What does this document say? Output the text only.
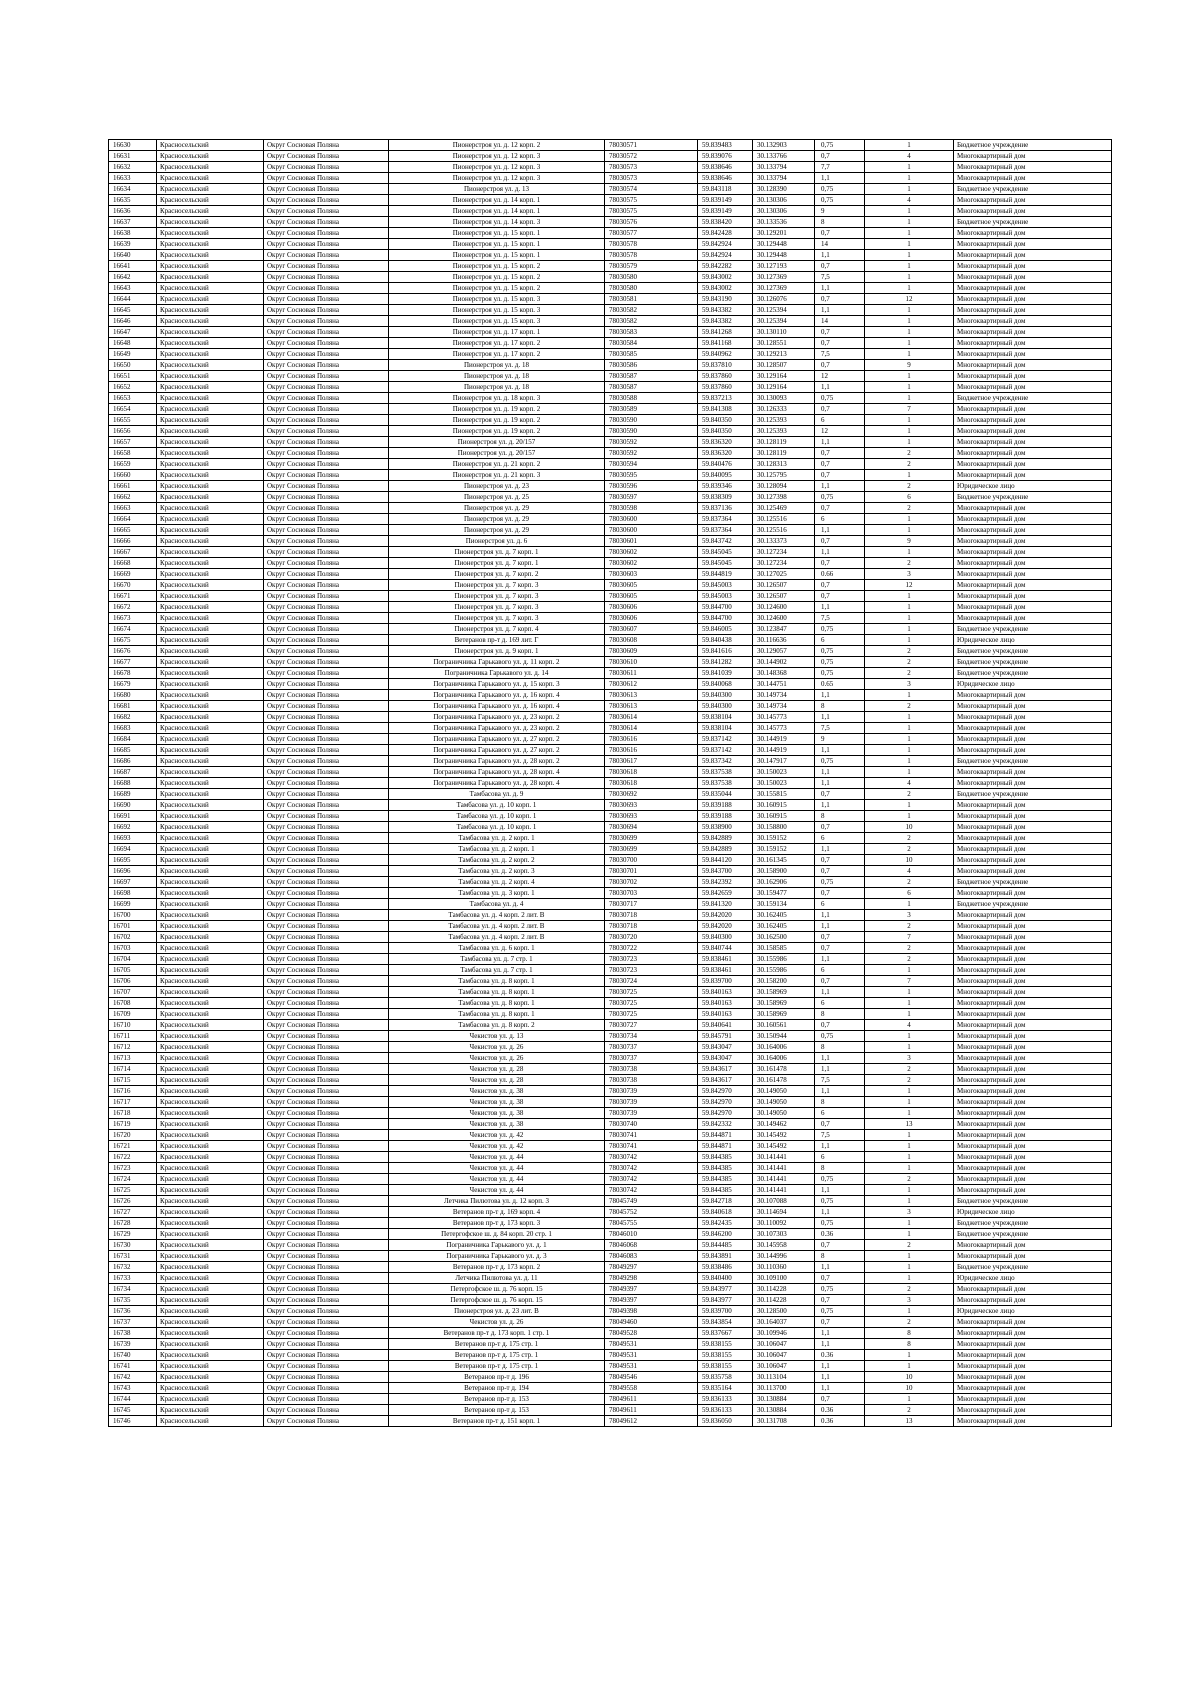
16630	Красносельский	Округ Сосновая Поляна	Пионерстроя ул. д. 12 корп. 2	78030571	59.839483	30.132903	0,75	1	Бюджетное учреждение
16631	Красносельский	Округ Сосновая Поляна	Пионерстроя ул. д. 12 корп. 3	78030572	59.839076	30.133766	0,7	4	Многоквартирный дом
16632	Красносельский	Округ Сосновая Поляна	Пионерстроя ул. д. 12 корп. 3	78030573	59.838646	30.133794	7,7	1	Многоквартирный дом
16633	Красносельский	Округ Сосновая Поляна	Пионерстроя ул. д. 12 корп. 3	78030573	59.838646	30.133794	1,1	1	Многоквартирный дом
16634	Красносельский	Округ Сосновая Поляна	Пионерстроя ул. д. 13	78030574	59.843118	30.128390	0,75	1	Бюджетное учреждение
16635	Красносельский	Округ Сосновая Поляна	Пионерстроя ул. д. 14 корп. 1	78030575	59.839149	30.130306	0,75	4	Многоквартирный дом
16636	Красносельский	Округ Сосновая Поляна	Пионерстроя ул. д. 14 корп. 1	78030575	59.839149	30.130306	9	1	Многоквартирный дом
16637	Красносельский	Округ Сосновая Поляна	Пионерстроя ул. д. 14 корп. 3	78030576	59.838420	30.133536	8	1	Бюджетное учреждение
16638	Красносельский	Округ Сосновая Поляна	Пионерстроя ул. д. 15 корп. 1	78030577	59.842428	30.129201	0,7	1	Многоквартирный дом
16639	Красносельский	Округ Сосновая Поляна	Пионерстроя ул. д. 15 корп. 1	78030578	59.842924	30.129448	14	1	Многоквартирный дом
16640	Красносельский	Округ Сосновая Поляна	Пионерстроя ул. д. 15 корп. 1	78030578	59.842924	30.129448	1,1	1	Многоквартирный дом
16641	Красносельский	Округ Сосновая Поляна	Пионерстроя ул. д. 15 корп. 2	78030579	59.842282	30.127193	0,7	1	Многоквартирный дом
16642	Красносельский	Округ Сосновая Поляна	Пионерстроя ул. д. 15 корп. 2	78030580	59.843002	30.127369	7,5	1	Многоквартирный дом
16643	Красносельский	Округ Сосновая Поляна	Пионерстроя ул. д. 15 корп. 2	78030580	59.843002	30.127369	1,1	1	Многоквартирный дом
16644	Красносельский	Округ Сосновая Поляна	Пионерстроя ул. д. 15 корп. 3	78030581	59.843190	30.126076	0,7	12	Многоквартирный дом
16645	Красносельский	Округ Сосновая Поляна	Пионерстроя ул. д. 15 корп. 3	78030582	59.843382	30.125394	1,1	1	Многоквартирный дом
16646	Красносельский	Округ Сосновая Поляна	Пионерстроя ул. д. 15 корп. 3	78030582	59.843382	30.125394	14	1	Многоквартирный дом
16647	Красносельский	Округ Сосновая Поляна	Пионерстроя ул. д. 17 корп. 1	78030583	59.841268	30.130110	0,7	1	Многоквартирный дом
16648	Красносельский	Округ Сосновая Поляна	Пионерстроя ул. д. 17 корп. 2	78030584	59.841168	30.128551	0,7	1	Многоквартирный дом
16649	Красносельский	Округ Сосновая Поляна	Пионерстроя ул. д. 17 корп. 2	78030585	59.840962	30.129213	7,5	1	Многоквартирный дом
16650	Красносельский	Округ Сосновая Поляна	Пионерстроя ул. д. 18	78030586	59.837810	30.128507	0,7	9	Многоквартирный дом
16651	Красносельский	Округ Сосновая Поляна	Пионерстроя ул. д. 18	78030587	59.837860	30.129164	12	1	Многоквартирный дом
16652	Красносельский	Округ Сосновая Поляна	Пионерстроя ул. д. 18	78030587	59.837860	30.129164	1,1	1	Многоквартирный дом
16653	Красносельский	Округ Сосновая Поляна	Пионерстроя ул. д. 18 корп. 3	78030588	59.837213	30.130093	0,75	1	Бюджетное учреждение
16654	Красносельский	Округ Сосновая Поляна	Пионерстроя ул. д. 19 корп. 2	78030589	59.841308	30.126333	0,7	7	Многоквартирный дом
16655	Красносельский	Округ Сосновая Поляна	Пионерстроя ул. д. 19 корп. 2	78030590	59.840350	30.125393	6	1	Многоквартирный дом
16656	Красносельский	Округ Сосновая Поляна	Пионерстроя ул. д. 19 корп. 2	78030590	59.840350	30.125393	12	1	Многоквартирный дом
16657	Красносельский	Округ Сосновая Поляна	Пионерстроя ул. д. 20/157	78030592	59.836320	30.128119	1,1	1	Многоквартирный дом
16658	Красносельский	Округ Сосновая Поляна	Пионерстроя ул. д. 20/157	78030592	59.836320	30.128119	0,7	2	Многоквартирный дом
16659	Красносельский	Округ Сосновая Поляна	Пионерстроя ул. д. 21 корп. 2	78030594	59.840476	30.128313	0,7	2	Многоквартирный дом
16660	Красносельский	Округ Сосновая Поляна	Пионерстроя ул. д. 21 корп. 3	78030595	59.840095	30.125795	0,7	1	Многоквартирный дом
16661	Красносельский	Округ Сосновая Поляна	Пионерстроя ул. д. 23	78030596	59.839346	30.128094	1,1	2	Юридическое лицо
16662	Красносельский	Округ Сосновая Поляна	Пионерстроя ул. д. 25	78030597	59.838309	30.127398	0,75	6	Бюджетное учреждение
16663	Красносельский	Округ Сосновая Поляна	Пионерстроя ул. д. 29	78030598	59.837136	30.125469	0,7	2	Многоквартирный дом
16664	Красносельский	Округ Сосновая Поляна	Пионерстроя ул. д. 29	78030600	59.837364	30.125516	6	1	Многоквартирный дом
16665	Красносельский	Округ Сосновая Поляна	Пионерстроя ул. д. 29	78030600	59.837364	30.125516	1,1	1	Многоквартирный дом
16666	Красносельский	Округ Сосновая Поляна	Пионерстроя ул. д. 6	78030601	59.843742	30.133373	0,7	9	Многоквартирный дом
16667	Красносельский	Округ Сосновая Поляна	Пионерстроя ул. д. 7 корп. 1	78030602	59.845045	30.127234	1,1	1	Многоквартирный дом
16668	Красносельский	Округ Сосновая Поляна	Пионерстроя ул. д. 7 корп. 1	78030602	59.845045	30.127234	0,7	2	Многоквартирный дом
16669	Красносельский	Округ Сосновая Поляна	Пионерстроя ул. д. 7 корп. 2	78030603	59.844819	30.127025	0.66	3	Многоквартирный дом
16670	Красносельский	Округ Сосновая Поляна	Пионерстроя ул. д. 7 корп. 3	78030605	59.845003	30.126507	0,7	12	Многоквартирный дом
16671	Красносельский	Округ Сосновая Поляна	Пионерстроя ул. д. 7 корп. 3	78030605	59.845003	30.126507	0,7	1	Многоквартирный дом
16672	Красносельский	Округ Сосновая Поляна	Пионерстроя ул. д. 7 корп. 3	78030606	59.844700	30.124600	1,1	1	Многоквартирный дом
16673	Красносельский	Округ Сосновая Поляна	Пионерстроя ул. д. 7 корп. 3	78030606	59.844700	30.124600	7,5	1	Многоквартирный дом
16674	Красносельский	Округ Сосновая Поляна	Пионерстроя ул. д. 7 корп. 4	78030607	59.846005	30.123847	0,75	1	Бюджетное учреждение
16675	Красносельский	Округ Сосновая Поляна	Ветеранов пр-т д. 169 лит. Г	78030608	59.840438	30.116636	6	1	Юридическое лицо
16676	Красносельский	Округ Сосновая Поляна	Пионерстроя ул. д. 9 корп. 1	78030609	59.841616	30.129057	0,75	2	Бюджетное учреждение
16677	Красносельский	Округ Сосновая Поляна	Пограничника Гарькавого ул. д. 11 корп. 2	78030610	59.841282	30.144902	0,75	2	Бюджетное учреждение
16678	Красносельский	Округ Сосновая Поляна	Пограничника Гарькавого ул. д. 14	78030611	59.841039	30.148368	0,75	2	Бюджетное учреждение
16679	Красносельский	Округ Сосновая Поляна	Пограничника Гарькавого ул. д. 15 корп. 3	78030612	59.840068	30.144751	0.65	3	Юридическое лицо
16680	Красносельский	Округ Сосновая Поляна	Пограничника Гарькавого ул. д. 16 корп. 4	78030613	59.840300	30.149734	1,1	1	Многоквартирный дом
16681	Красносельский	Округ Сосновая Поляна	Пограничника Гарькавого ул. д. 16 корп. 4	78030613	59.840300	30.149734	8	2	Многоквартирный дом
16682	Красносельский	Округ Сосновая Поляна	Пограничника Гарькавого ул. д. 23 корп. 2	78030614	59.838104	30.145773	1,1	1	Многоквартирный дом
16683	Красносельский	Округ Сосновая Поляна	Пограничника Гарькавого ул. д. 23 корп. 2	78030614	59.838104	30.145773	7,5	1	Многоквартирный дом
16684	Красносельский	Округ Сосновая Поляна	Пограничника Гарькавого ул. д. 27 корп. 2	78030616	59.837142	30.144919	9	1	Многоквартирный дом
16685	Красносельский	Округ Сосновая Поляна	Пограничника Гарькавого ул. д. 27 корп. 2	78030616	59.837142	30.144919	1,1	1	Многоквартирный дом
16686	Красносельский	Округ Сосновая Поляна	Пограничника Гарькавого ул. д. 28 корп. 2	78030617	59.837342	30.147917	0,75	1	Бюджетное учреждение
16687	Красносельский	Округ Сосновая Поляна	Пограничника Гарькавого ул. д. 28 корп. 4	78030618	59.837538	30.150023	1,1	1	Многоквартирный дом
16688	Красносельский	Округ Сосновая Поляна	Пограничника Гарькавого ул. д. 28 корп. 4	78030618	59.837538	30.150023	1,1	4	Многоквартирный дом
16689	Красносельский	Округ Сосновая Поляна	Тамбасова ул. д. 9	78030692	59.835044	30.155815	0,7	2	Бюджетное учреждение
16690	Красносельский	Округ Сосновая Поляна	Тамбасова ул. д. 10 корп. 1	78030693	59.839188	30.160915	1,1	1	Многоквартирный дом
16691	Красносельский	Округ Сосновая Поляна	Тамбасова ул. д. 10 корп. 1	78030693	59.839188	30.160915	8	1	Многоквартирный дом
16692	Красносельский	Округ Сосновая Поляна	Тамбасова ул. д. 10 корп. 1	78030694	59.838900	30.158800	0,7	10	Многоквартирный дом
16693	Красносельский	Округ Сосновая Поляна	Тамбасова ул. д. 2 корп. 1	78030699	59.842889	30.159152	6	2	Многоквартирный дом
16694	Красносельский	Округ Сосновая Поляна	Тамбасова ул. д. 2 корп. 1	78030699	59.842889	30.159152	1,1	2	Многоквартирный дом
16695	Красносельский	Округ Сосновая Поляна	Тамбасова ул. д. 2 корп. 2	78030700	59.844120	30.161345	0,7	10	Многоквартирный дом
16696	Красносельский	Округ Сосновая Поляна	Тамбасова ул. д. 2 корп. 3	78030701	59.843700	30.158900	0,7	4	Многоквартирный дом
16697	Красносельский	Округ Сосновая Поляна	Тамбасова ул. д. 2 корп. 4	78030702	59.842392	30.162906	0,75	2	Бюджетное учреждение
16698	Красносельский	Округ Сосновая Поляна	Тамбасова ул. д. 3 корп. 1	78030703	59.842659	30.159477	0,7	6	Многоквартирный дом
16699	Красносельский	Округ Сосновая Поляна	Тамбасова ул. д. 4	78030717	59.841320	30.159134	6	1	Бюджетное учреждение
16700	Красносельский	Округ Сосновая Поляна	Тамбасова ул. д. 4 корп. 2 лит. В	78030718	59.842020	30.162405	1,1	3	Многоквартирный дом
16701	Красносельский	Округ Сосновая Поляна	Тамбасова ул. д. 4 корп. 2 лит. В	78030718	59.842020	30.162405	1,1	2	Многоквартирный дом
16702	Красносельский	Округ Сосновая Поляна	Тамбасова ул. д. 4 корп. 2 лит. В	78030720	59.840300	30.162500	0,7	7	Многоквартирный дом
16703	Красносельский	Округ Сосновая Поляна	Тамбасова ул. д. 6 корп. 1	78030722	59.840744	30.158585	0,7	2	Многоквартирный дом
16704	Красносельский	Округ Сосновая Поляна	Тамбасова ул. д. 7 стр. 1	78030723	59.838461	30.155986	1,1	2	Многоквартирный дом
16705	Красносельский	Округ Сосновая Поляна	Тамбасова ул. д. 7 стр. 1	78030723	59.838461	30.155986	6	1	Многоквартирный дом
16706	Красносельский	Округ Сосновая Поляна	Тамбасова ул. д. 8 корп. 1	78030724	59.839700	30.158200	0,7	7	Многоквартирный дом
16707	Красносельский	Округ Сосновая Поляна	Тамбасова ул. д. 8 корп. 1	78030725	59.840163	30.158969	1,1	1	Многоквартирный дом
16708	Красносельский	Округ Сосновая Поляна	Тамбасова ул. д. 8 корп. 1	78030725	59.840163	30.158969	6	1	Многоквартирный дом
16709	Красносельский	Округ Сосновая Поляна	Тамбасова ул. д. 8 корп. 1	78030725	59.840163	30.158969	8	1	Многоквартирный дом
16710	Красносельский	Округ Сосновая Поляна	Тамбасова ул. д. 8 корп. 2	78030727	59.840641	30.160561	0,7	4	Многоквартирный дом
16711	Красносельский	Округ Сосновая Поляна	Чекистов ул. д. 13	78030734	59.845791	30.150944	0,75	1	Многоквартирный дом
16712	Красносельский	Округ Сосновая Поляна	Чекистов ул. д. 26	78030737	59.843047	30.164006	8	1	Многоквартирный дом
16713	Красносельский	Округ Сосновая Поляна	Чекистов ул. д. 26	78030737	59.843047	30.164006	1,1	3	Многоквартирный дом
16714	Красносельский	Округ Сосновая Поляна	Чекистов ул. д. 28	78030738	59.843617	30.161478	1,1	2	Многоквартирный дом
16715	Красносельский	Округ Сосновая Поляна	Чекистов ул. д. 28	78030738	59.843617	30.161478	7,5	2	Многоквартирный дом
16716	Красносельский	Округ Сосновая Поляна	Чекистов ул. д. 38	78030739	59.842970	30.149050	1,1	1	Многоквартирный дом
16717	Красносельский	Округ Сосновая Поляна	Чекистов ул. д. 38	78030739	59.842970	30.149050	8	1	Многоквартирный дом
16718	Красносельский	Округ Сосновая Поляна	Чекистов ул. д. 38	78030739	59.842970	30.149050	6	1	Многоквартирный дом
16719	Красносельский	Округ Сосновая Поляна	Чекистов ул. д. 38	78030740	59.842332	30.149462	0,7	13	Многоквартирный дом
16720	Красносельский	Округ Сосновая Поляна	Чекистов ул. д. 42	78030741	59.844871	30.145492	7,5	1	Многоквартирный дом
16721	Красносельский	Округ Сосновая Поляна	Чекистов ул. д. 42	78030741	59.844871	30.145492	1,1	1	Многоквартирный дом
16722	Красносельский	Округ Сосновая Поляна	Чекистов ул. д. 44	78030742	59.844385	30.141441	6	1	Многоквартирный дом
16723	Красносельский	Округ Сосновая Поляна	Чекистов ул. д. 44	78030742	59.844385	30.141441	8	1	Многоквартирный дом
16724	Красносельский	Округ Сосновая Поляна	Чекистов ул. д. 44	78030742	59.844385	30.141441	0,75	2	Многоквартирный дом
16725	Красносельский	Округ Сосновая Поляна	Чекистов ул. д. 44	78030742	59.844385	30.141441	1,1	1	Многоквартирный дом
16726	Красносельский	Округ Сосновая Поляна	Летчика Пилютова ул. д. 12 корп. 3	78045749	59.842718	30.107088	0,75	1	Бюджетное учреждение
16727	Красносельский	Округ Сосновая Поляна	Ветеранов пр-т д. 169 корп. 4	78045752	59.840618	30.114694	1,1	3	Юридическое лицо
16728	Красносельский	Округ Сосновая Поляна	Ветеранов пр-т д. 173 корп. 3	78045755	59.842435	30.110092	0,75	1	Бюджетное учреждение
16729	Красносельский	Округ Сосновая Поляна	Петергофское ш. д. 84 корп. 20 стр. 1	78046010	59.846200	30.107303	0.36	1	Бюджетное учреждение
16730	Красносельский	Округ Сосновая Поляна	Пограничника Гарькавого ул. д. 1	78046068	59.844485	30.145958	0,7	2	Многоквартирный дом
16731	Красносельский	Округ Сосновая Поляна	Пограничника Гарькавого ул. д. 3	78046083	59.843891	30.144996	8	1	Многоквартирный дом
16732	Красносельский	Округ Сосновая Поляна	Ветеранов пр-т д. 173 корп. 2	78049297	59.838486	30.110360	1,1	1	Бюджетное учреждение
16733	Красносельский	Округ Сосновая Поляна	Летчика Пилютова ул. д. 11	78049298	59.840400	30.109100	0,7	1	Юридическое лицо
16734	Красносельский	Округ Сосновая Поляна	Петергофское ш. д. 76 корп. 15	78049397	59.843977	30.114228	0,75	2	Многоквартирный дом
16735	Красносельский	Округ Сосновая Поляна	Петергофское ш. д. 76 корп. 15	78049397	59.843977	30.114228	0,7	3	Многоквартирный дом
16736	Красносельский	Округ Сосновая Поляна	Пионерстроя ул. д. 23 лит. В	78049398	59.839700	30.128500	0,75	1	Юридическое лицо
16737	Красносельский	Округ Сосновая Поляна	Чекистов ул. д. 26	78049460	59.843854	30.164037	0,7	2	Многоквартирный дом
16738	Красносельский	Округ Сосновая Поляна	Ветеранов пр-т д. 173 корп. 1 стр. 1	78049528	59.837667	30.109946	1,1	8	Многоквартирный дом
16739	Красносельский	Округ Сосновая Поляна	Ветеранов пр-т д. 175 стр. 1	78049531	59.838155	30.106047	1,1	8	Многоквартирный дом
16740	Красносельский	Округ Сосновая Поляна	Ветеранов пр-т д. 175 стр. 1	78049531	59.838155	30.106047	0.36	1	Многоквартирный дом
16741	Красносельский	Округ Сосновая Поляна	Ветеранов пр-т д. 175 стр. 1	78049531	59.838155	30.106047	1,1	1	Многоквартирный дом
16742	Красносельский	Округ Сосновая Поляна	Ветеранов пр-т д. 196	78049546	59.835758	30.113104	1,1	10	Многоквартирный дом
16743	Красносельский	Округ Сосновая Поляна	Ветеранов пр-т д. 194	78049558	59.835164	30.113700	1,1	10	Многоквартирный дом
16744	Красносельский	Округ Сосновая Поляна	Ветеранов пр-т д. 153	78049611	59.836133	30.130884	0,7	1	Многоквартирный дом
16745	Красносельский	Округ Сосновая Поляна	Ветеранов пр-т д. 153	78049611	59.836133	30.130884	0.36	2	Многоквартирный дом
16746	Красносельский	Округ Сосновая Поляна	Ветеранов пр-т д. 151 корп. 1	78049612	59.836050	30.131708	0.36	13	Многоквартирный дом
